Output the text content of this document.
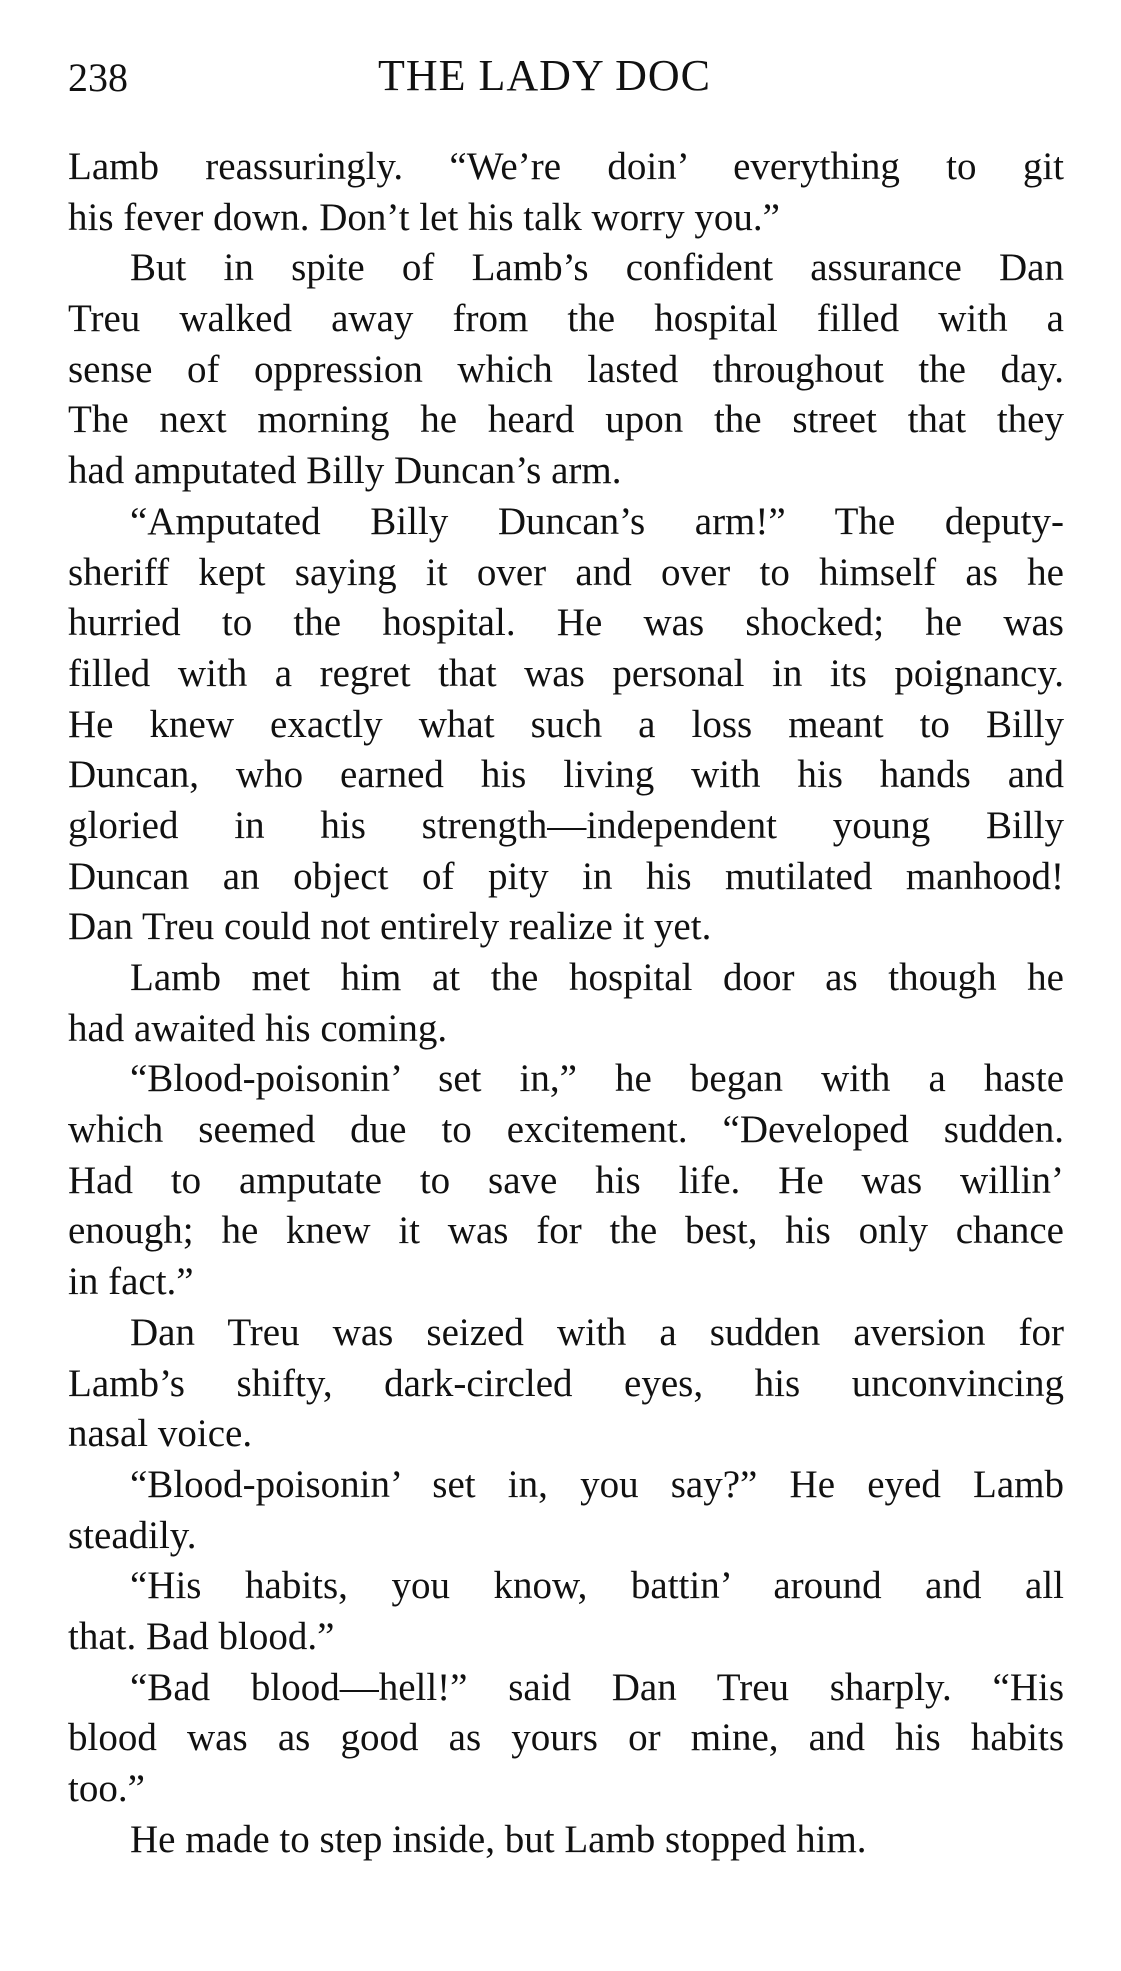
238	THE LADY DOC
Lamb reassuringly. “We’re doin’ everything to git
his fever down. Don’t let his talk worry you.”
But in spite of Lamb’s confident assurance Dan
Treu walked away from the hospital filled with a
sense of oppression which lasted throughout the day.
The next morning he heard upon the street that they
had amputated Billy Duncan’s arm.
“Amputated Billy Duncan’s arm!” The deputy-
sheriff kept saying it over and over to himself as he
hurried to the hospital. He was shocked; he was
filled with a regret that was personal in its poignancy.
He knew exactly what such a loss meant to Billy
Duncan, who earned his living with his hands and
gloried in his strength—independent young Billy
Duncan an object of pity in his mutilated manhood!
Dan Treu could not entirely realize it yet.
Lamb met him at the hospital door as though he
had awaited his coming.
“Blood-poisonin’ set in,” he began with a haste
which seemed due to excitement. “Developed sudden.
Had to amputate to save his life. He was willin’
enough; he knew it was for the best, his only chance
in fact.”
Dan Treu was seized with a sudden aversion for
Lamb’s shifty, dark-circled eyes, his unconvincing
nasal voice.
“Blood-poisonin’ set in, you say?” He eyed Lamb
steadily.
“His habits, you know, battin’ around and all
that. Bad blood.”
“Bad blood—hell!” said Dan Treu sharply. “His
blood was as good as yours or mine, and his habits
too.”
He made to step inside, but Lamb stopped him.
